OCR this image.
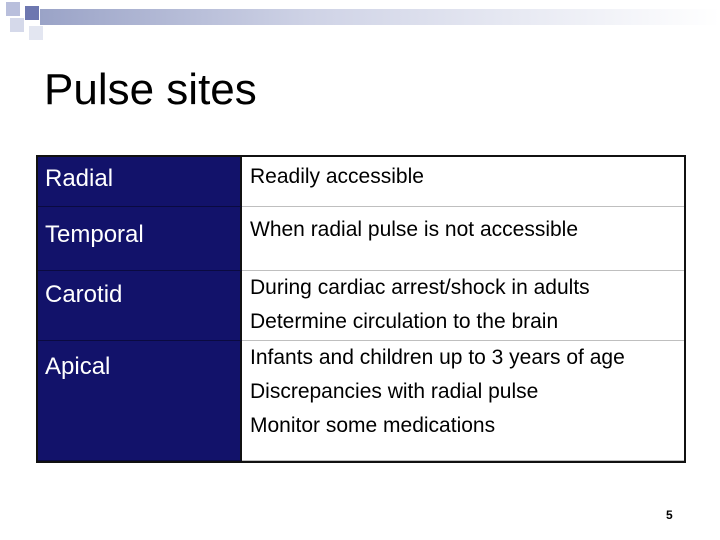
Pulse sites
Radial	Readily accessible
Temporal	When radial pulse is not accessible
Carotid	During cardiac arrest/shock in adults
Determine circulation to the brain
Apical	Infants and children up to 3 years of age
Discrepancies with radial pulse
Monitor some medications
5
